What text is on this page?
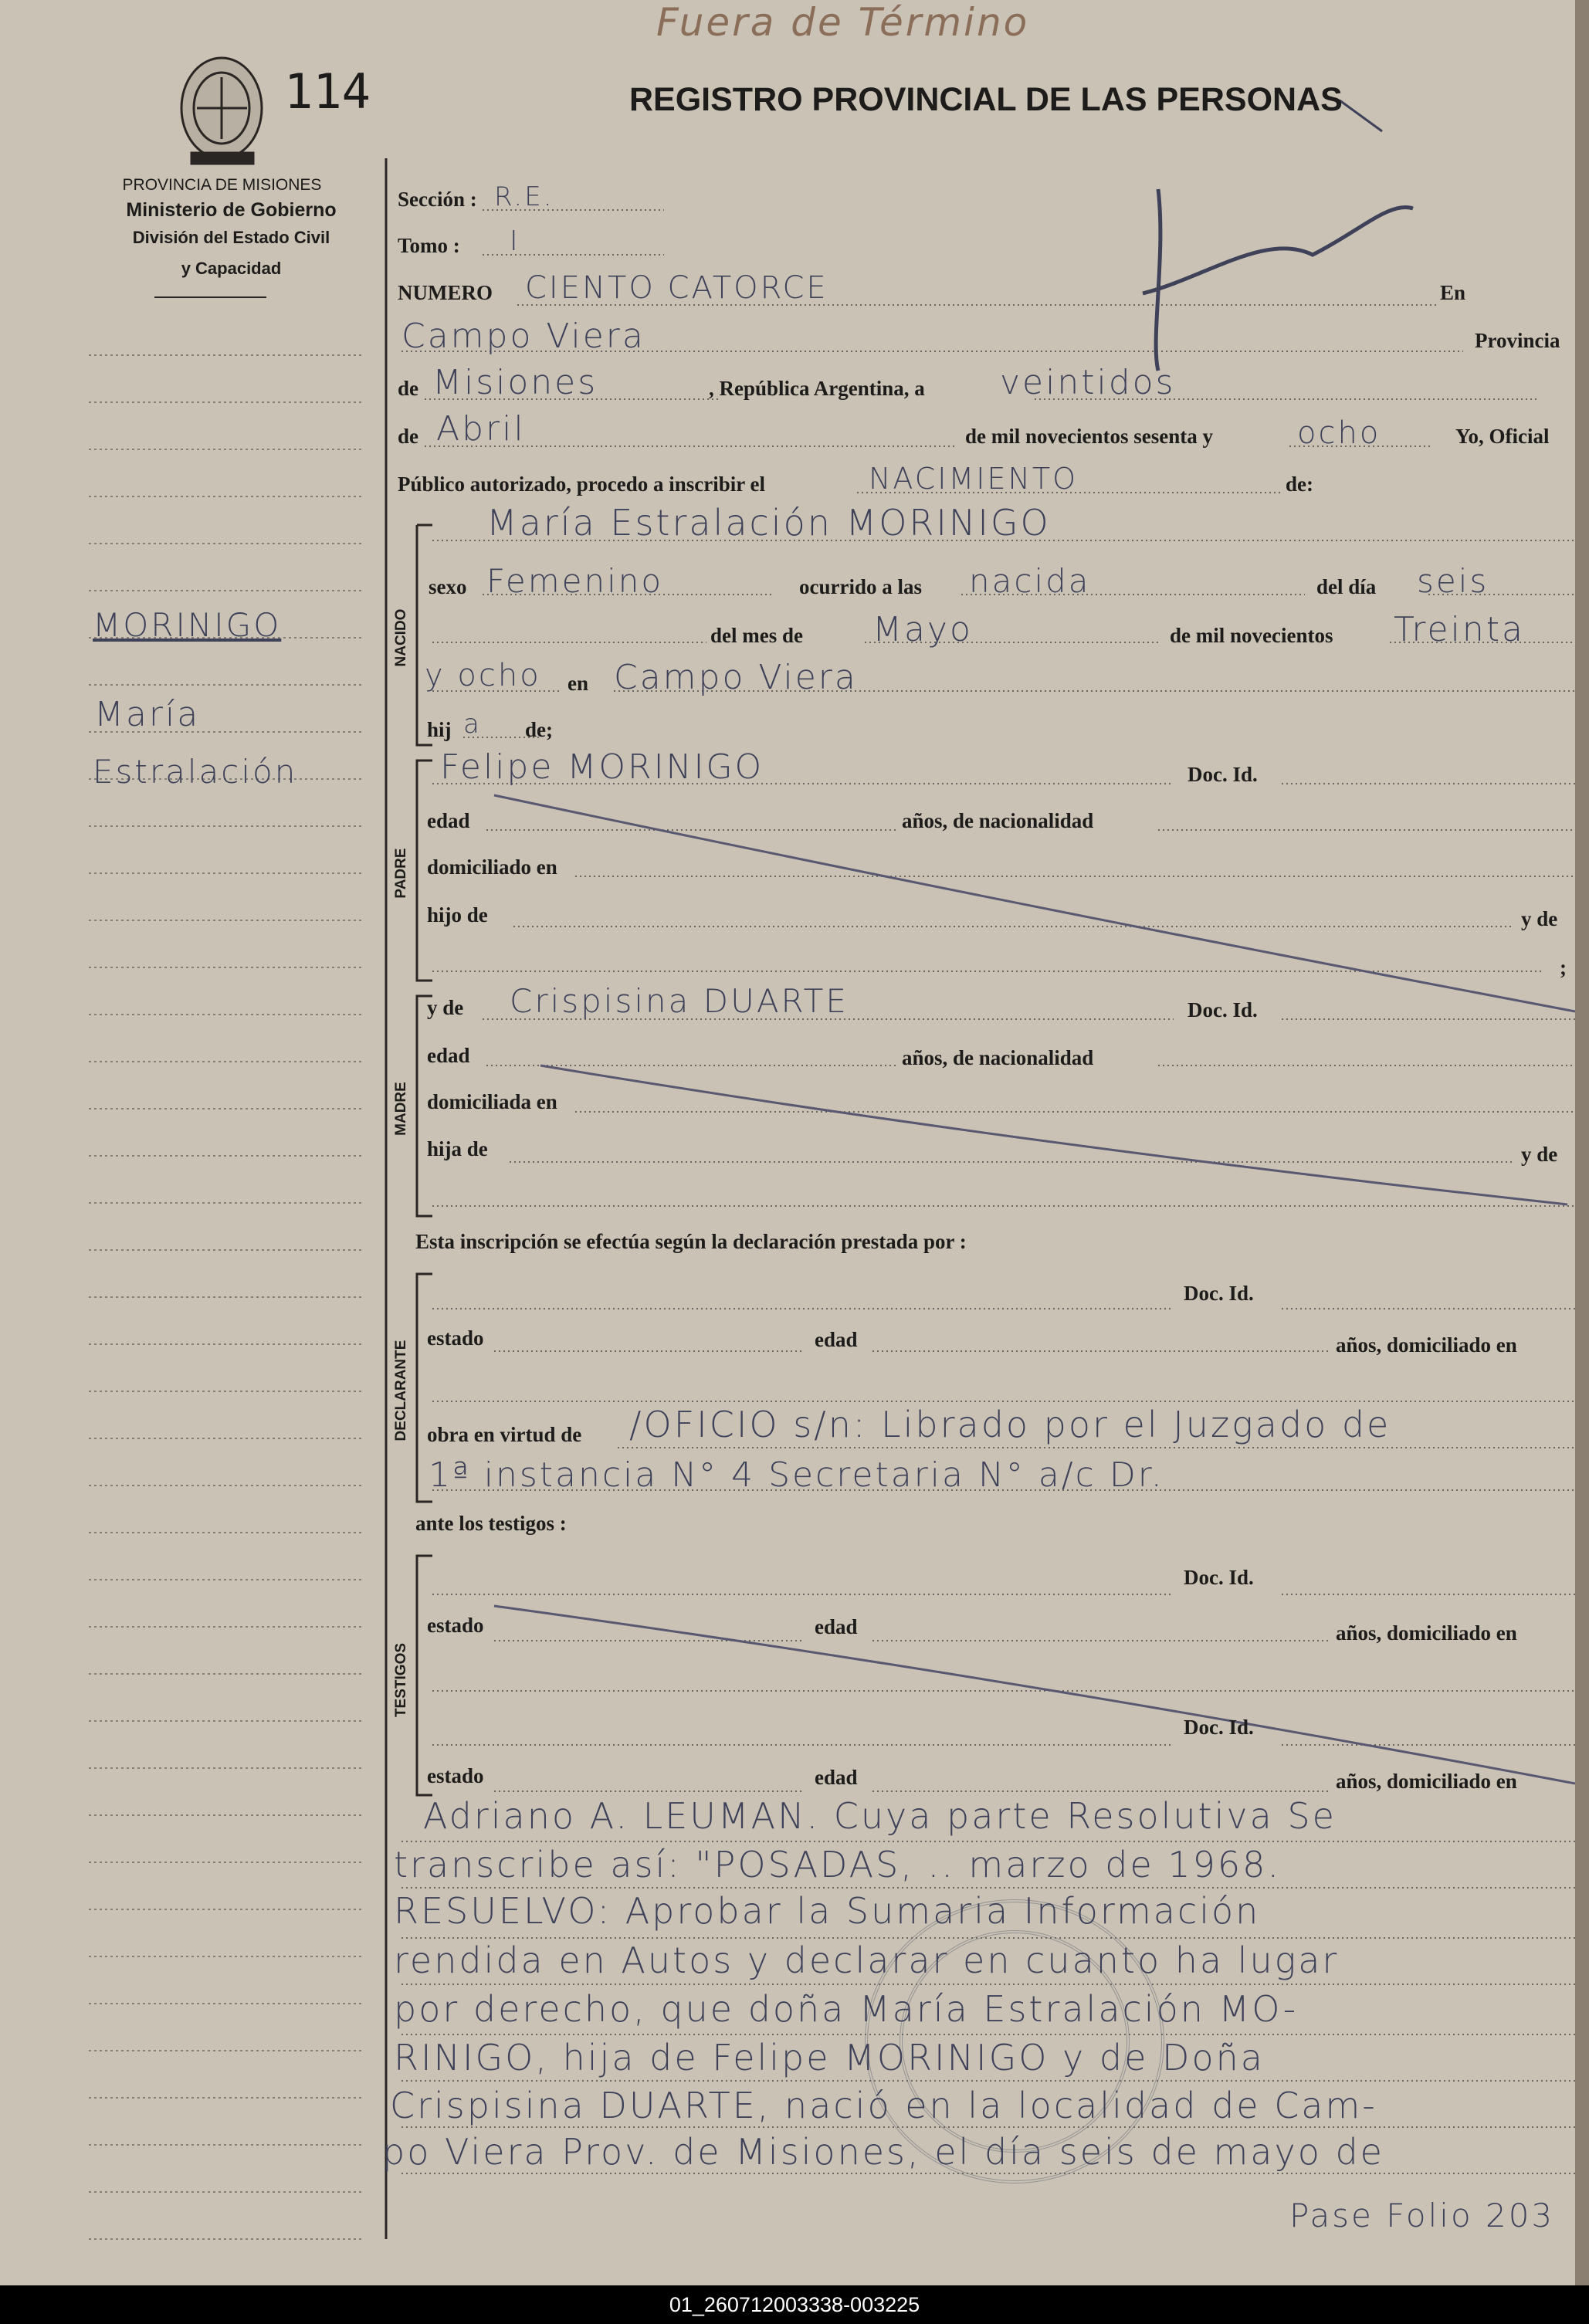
Fuera de Término
114	REGISTRO PROVINCIAL DE LAS PERSONAS
PROVINCIA DE MISIONES
Ministerio de Gobierno
División del Estado Civil
y Capacidad
MORINIGO
María
Estralación
Sección : R.E.
Tomo : I
NUMERO CIENTO CATORCE	En
Campo Viera	Provincia
de Misiones	, República Argentina, a veintidos
de Abril	de mil novecientos sesenta y	ocho	Yo, Oficial
Público autorizado, procedo a inscribir el	NACIMIENTO	de:
NACIDO
María Estralación MORINIGO
sexo Femenino	ocurrido a las nacida	del día seis
del mes de Mayo	de mil novecientos Treinta
y ocho en Campo Viera
hij a de;
PADRE
Felipe MORINIGO	Doc. Id.
edad	años, de nacionalidad
domiciliado en
hijo de	y de
;
MADRE
y de Crispisina DUARTE	Doc. Id.
edad	años, de nacionalidad
domiciliada en
hija de	y de
Esta inscripción se efectúa según la declaración prestada por :
DECLARANTE
Doc. Id.
estado	edad	años, domiciliado en
obra en virtud de /OFICIO s/n: Librado por el Juzgado de
1ª instancia N° 4 Secretaria N° a/c Dr.
ante los testigos :
TESTIGOS
Doc. Id.
estado	edad	años, domiciliado en
Doc. Id.
estado	edad	años, domiciliado en
Adriano A. LEUMAN. Cuya parte Resolutiva Se
transcribe así: "POSADAS, .. marzo de 1968.
RESUELVO: Aprobar la Sumaria Información
rendida en Autos y declarar en cuanto ha lugar
por derecho, que doña María Estralación MO-
RINIGO, hija de Felipe MORINIGO y de Doña
Crispisina DUARTE, nació en la localidad de Cam-
po Viera Prov. de Misiones, el día seis de mayo de
Pase Folio 203
01_260712003338-003225
